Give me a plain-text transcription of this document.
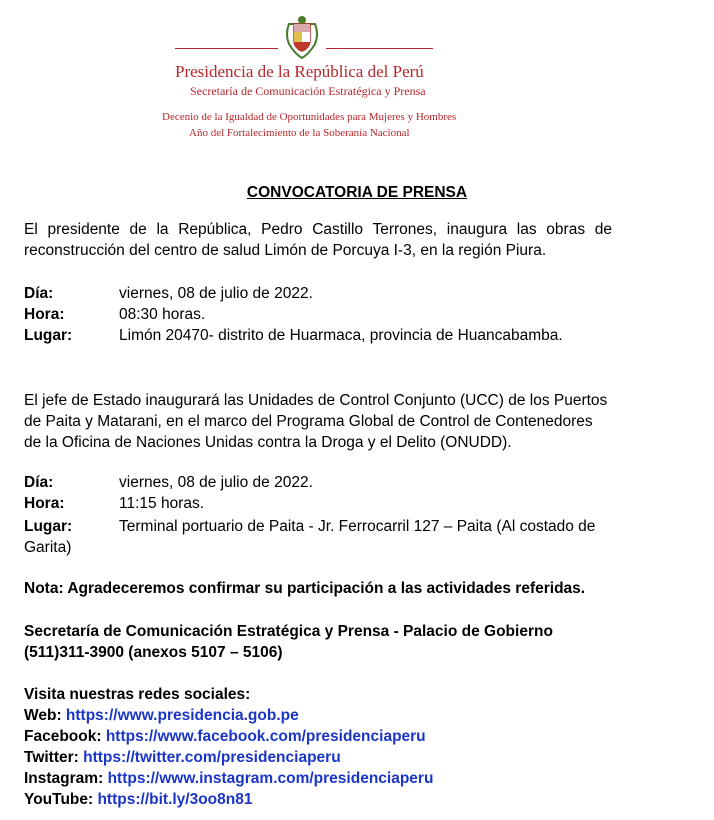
Presidencia de la República del Perú
Secretaría de Comunicación Estratégica y Prensa
Decenio de la Igualdad de Oportunidades para Mujeres y Hombres
Año del Fortalecimiento de la Soberanía Nacional
CONVOCATORIA DE PRENSA
El presidente de la República, Pedro Castillo Terrones, inaugura las obras de reconstrucción del centro de salud Limón de Porcuya I-3, en la región Piura.
Día:	viernes, 08 de julio de 2022.
Hora:	08:30 horas.
Lugar:	Limón 20470- distrito de Huarmaca, provincia de Huancabamba.
El jefe de Estado inaugurará las Unidades de Control Conjunto (UCC) de los Puertos de Paita y Matarani, en el marco del Programa Global de Control de Contenedores de la Oficina de Naciones Unidas contra la Droga y el Delito (ONUDD).
Día:	viernes, 08 de julio de 2022.
Hora:	11:15 horas.
Lugar:	Terminal portuario de Paita - Jr. Ferrocarril 127 – Paita (Al costado de Garita)
Nota: Agradeceremos confirmar su participación a las actividades referidas.
Secretaría de Comunicación Estratégica y Prensa - Palacio de Gobierno
(511)311-3900 (anexos 5107 – 5106)
Visita nuestras redes sociales:
Web: https://www.presidencia.gob.pe
Facebook: https://www.facebook.com/presidenciaperu
Twitter: https://twitter.com/presidenciaperu
Instagram: https://www.instagram.com/presidenciaperu
YouTube: https://bit.ly/3oo8n81
